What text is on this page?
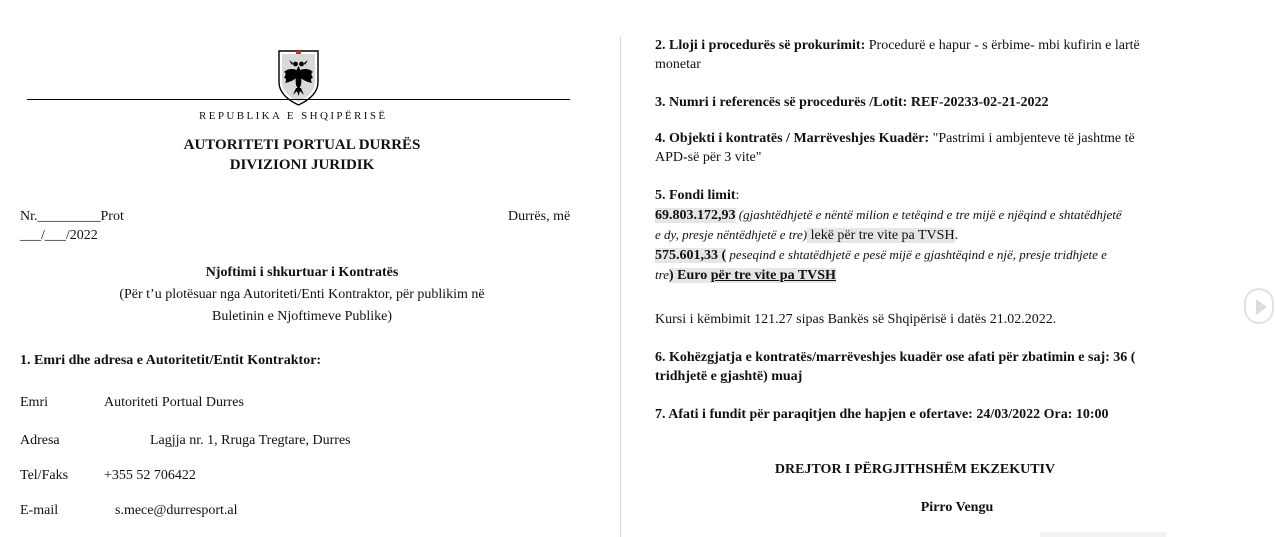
REPUBLIKA E SHQIPËRISË
AUTORITETI PORTUAL DURRËS
DIVIZIONI JURIDIK
Nr._________Prot	Durrës, më
___/___/2022
Njoftimi i shkurtuar i Kontratës
(Për t’u plotësuar nga Autoriteti/Enti Kontraktor, për publikim në
Buletinin e Njoftimeve Publike)
1. Emri dhe adresa e Autoritetit/Entit Kontraktor:
Emri	Autoriteti Portual Durres
Adresa	Lagjja nr. 1, Rruga Tregtare, Durres
Tel/Faks	+355 52 706422
E-mail	s.mece@durresport.al
2. Lloji i procedurës së prokurimit: Procedurë e hapur - s ërbime- mbi kufirin e lartë
monetar
3. Numri i referencës së procedurës /Lotit: REF-20233-02-21-2022
4. Objekti i kontratës / Marrëveshjes Kuadër: "Pastrimi i ambjenteve të jashtme të
APD-së për 3 vite"
5. Fondi limit:
69.803.172,93 (gjashtëdhjetë e nëntë milion e tetëqind e tre mijë e njëqind e shtatëdhjetë
e dy, presje nëntëdhjetë e tre) lekë për tre vite pa TVSH.
575.601,33 ( peseqind e shtatëdhjetë e pesë mijë e gjashtëqind e një, presje tridhjete e
tre) Euro për tre vite pa TVSH
Kursi i këmbimit 121.27 sipas Bankës së Shqipërisë i datës 21.02.2022.
6. Kohëzgjatja e kontratës/marrëveshjes kuadër ose afati për zbatimin e saj: 36 (
tridhjetë e gjashtë) muaj
7. Afati i fundit për paraqitjen dhe hapjen e ofertave: 24/03/2022 Ora: 10:00
DREJTOR I PËRGJITHSHËM EKZEKUTIV
Pirro Vengu
